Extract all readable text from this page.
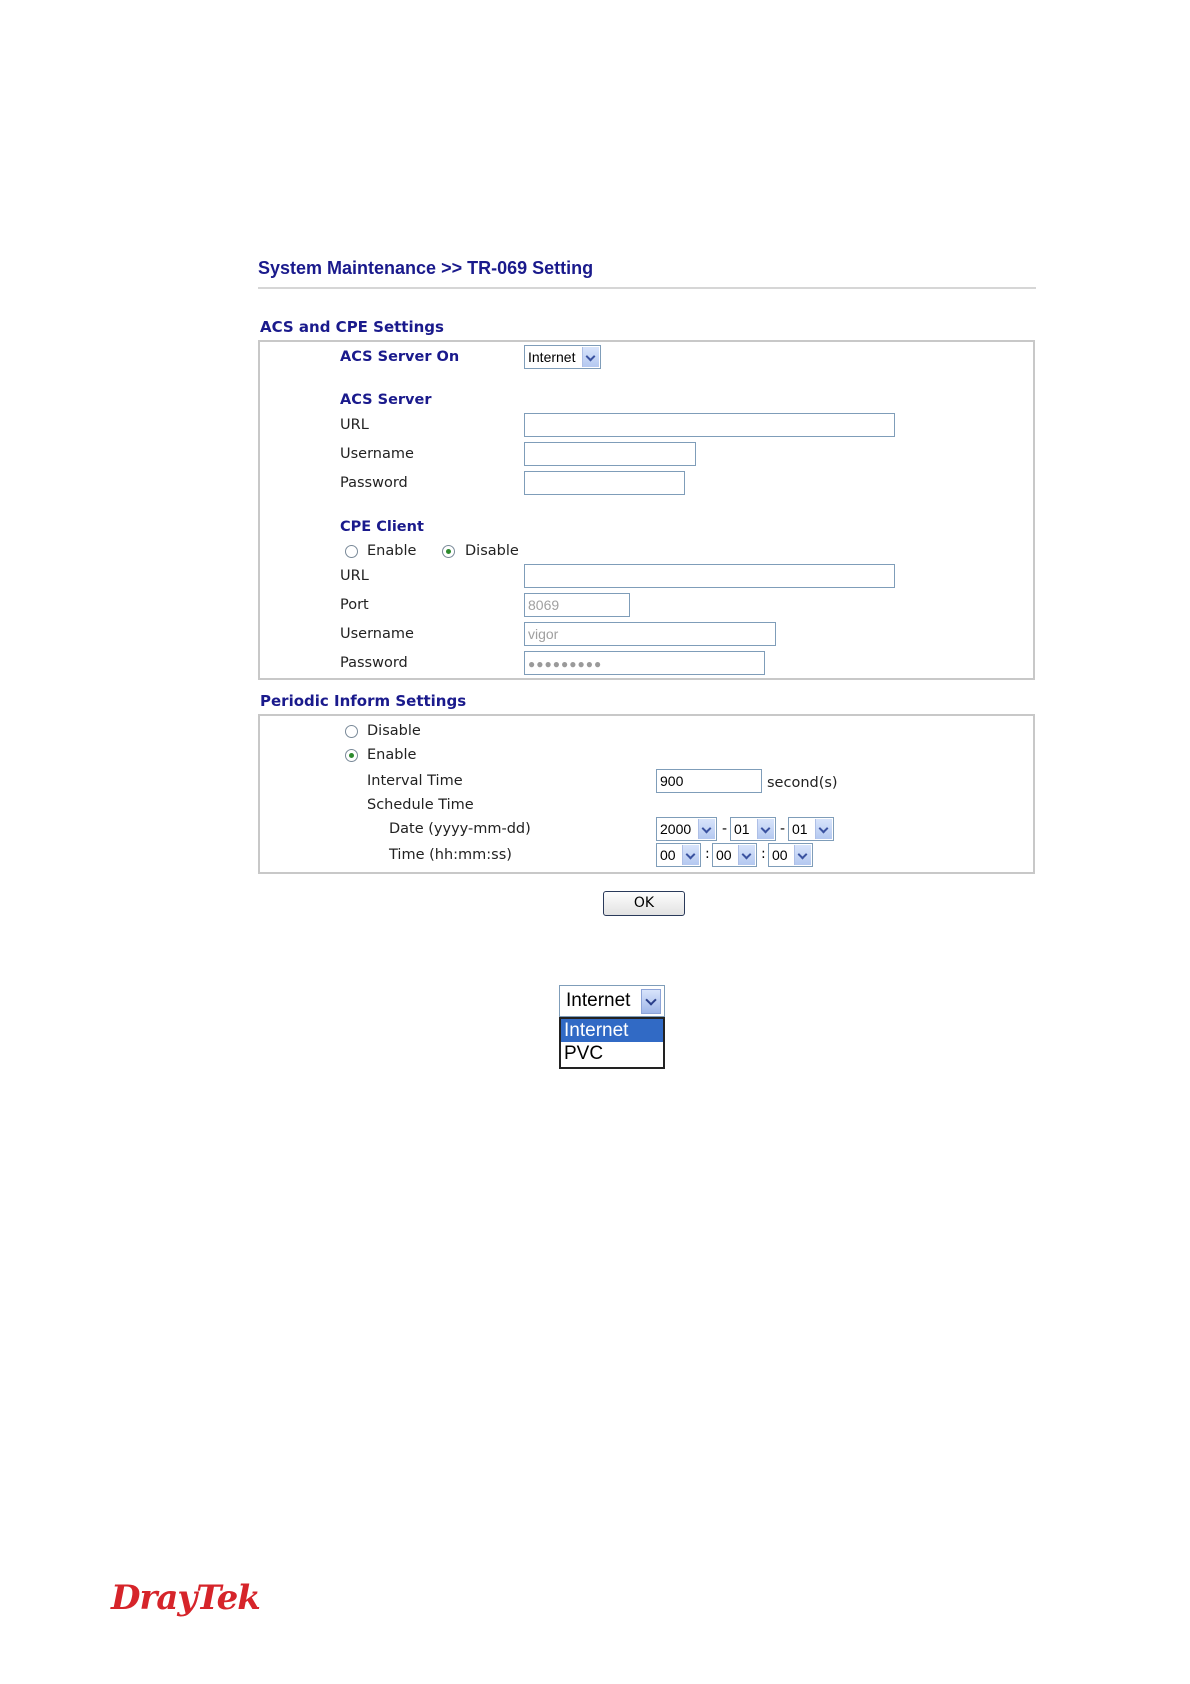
System Maintenance >> TR-069 Setting
ACS and CPE Settings
ACS Server On	Internet
ACS Server
URL
Username
Password
CPE Client
Enable	Disable
URL
Port	8069
Username	vigor
Password	●●●●●●●●●
Periodic Inform Settings
Disable
Enable
Interval Time	900	second(s)
Schedule Time
Date (yyyy-mm-dd)	2000	- 01	- 01
Time (hh:mm:ss)	00	: 00	: 00
OK
Internet
Internet
PVC
DrayTek
